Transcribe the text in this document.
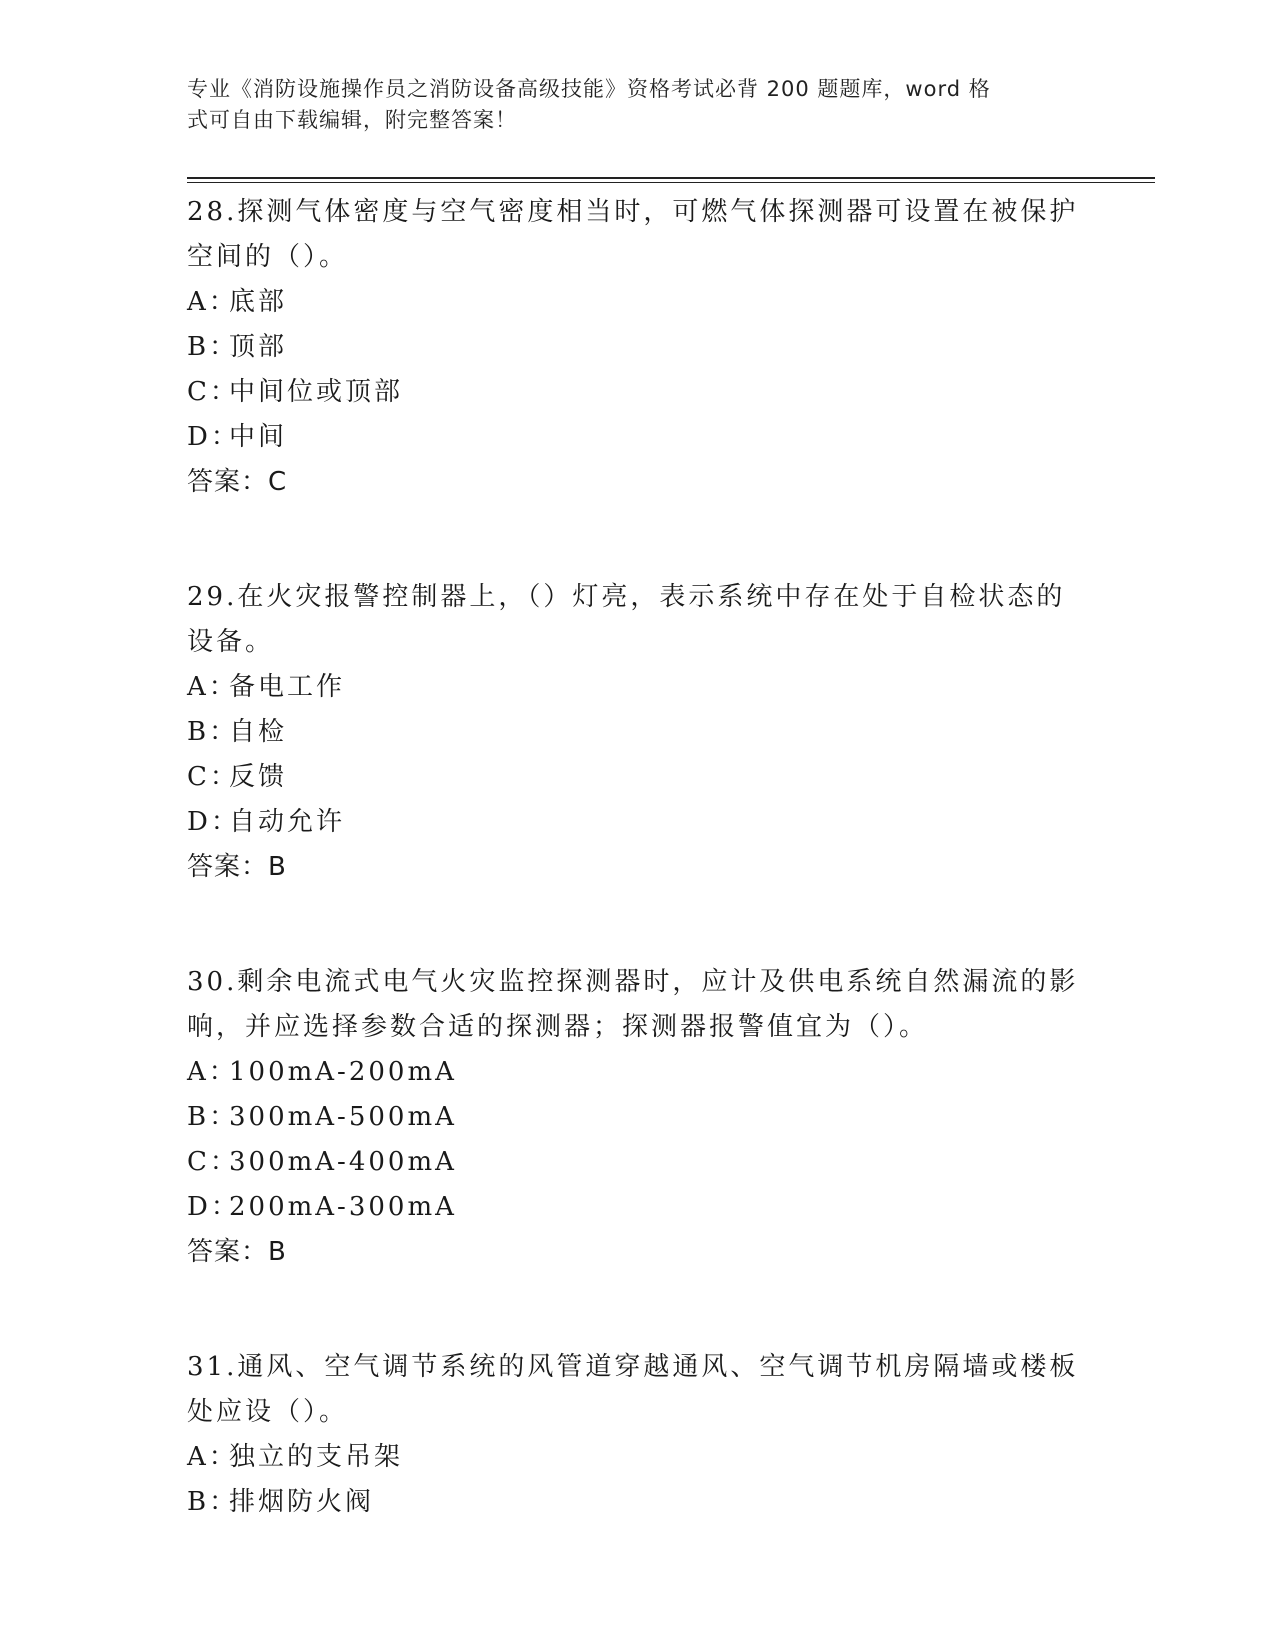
专业《消防设施操作员之消防设备高级技能》资格考试必背 200 题题库，word 格
式可自由下载编辑，附完整答案！
28.探测气体密度与空气密度相当时，可燃气体探测器可设置在被保护
空间的（）。
A：
底部
B：
顶部
C：
中间位或顶部
D：
中间
答案：C
29.在火灾报警控制器上，（）灯亮，表示系统中存在处于自检状态的
设备。
A：
备电工作
B：
自检
C：
反馈
D：
自动允许
答案：B
30.剩余电流式电气火灾监控探测器时，应计及供电系统自然漏流的影
响，并应选择参数合适的探测器；探测器报警值宜为（）。
A：
100mA-200mA
B：
300mA-500mA
C：
300mA-400mA
D：
200mA-300mA
答案：B
31.通风、空气调节系统的风管道穿越通风、空气调节机房隔墙或楼板
处应设（）。
A：
独立的支吊架
B：
排烟防火阀
